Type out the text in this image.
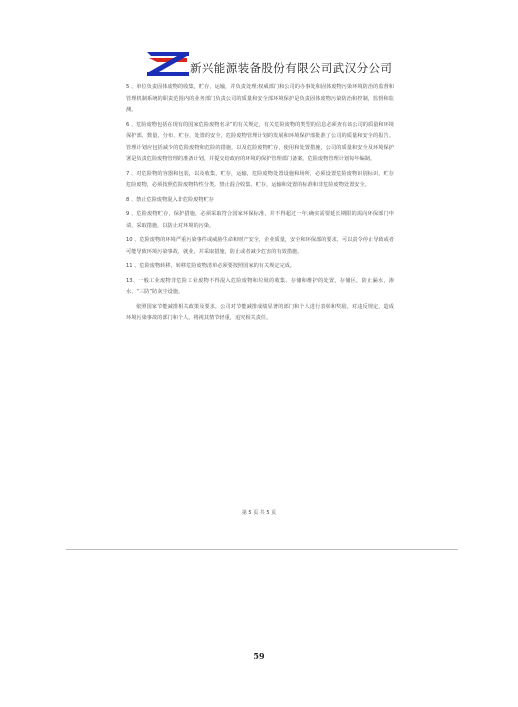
新兴能源装备股份有限公司武汉分公司

5 、单位负责固体废物的收集，贮存，运输，并负责处理;权威部门和公司的办事处和固体废物污染环境防治的监督和管理机制系统的职责范围内的业务部门负责公司的质量和安全部环境保护是负责固体废物污染防治和控制，监督和监测。

6 、危险废物包括在现有的国家危险废物名录”的有关规定，有关危险废物的类型的信息必须查有该公司的质量和环境保护部，数量，分布，贮存，处置的安全，危险废物管理计划的发展和环境保护部批准了公司的质量和安全的报告。管理计划应包括减少的危险废物和危险的措施，以及危险废物贮存，使用和处置措施，公司的质量和安全及环境保护署是负责危险废物管理的准备计划，并提交给政府的环境的保护管理部门备案。危险废物管理计划每年编制。

7 、对危险物的容器和包装，以及收集，贮存，运输，危险废物处置设施和场所，必须设置危险废物识别标识，贮存危险废物，必须按照危险废物特性分类。禁止混合收集，贮存，运输和处置的标准和非危险废物处置安全。

8 、禁止危险废物混入非危险废物贮存

9 、危险废物贮存，保护措施，必须采取符合国家环保标准，并不得超过一年;确实需要延长期限的需向环保部门申请，采取措施，以防止对环境的污染。

10 、危险废物的环境严重污染事件或威胁生命和财产安全，企业质量，安全和环保部的要求，可以责令停止导致或者可能导致环境污染事故，就业，并采取措施，防止或者减少危害的有效措施。

11 、危险废物转移，转移危险废物清单必须要按照国家的有关规定完成。

13、一般工业废物非危险工业废物不得混入危险废物和垃圾的收集、存储和维护的处置，存储区，防止漏水，渗水，“三防”防灰尘设施。

依照国家节能减排相关政策及要求，公司对节能减排成绩显著的部门和个人进行表彰和奖励。对违反规定，造成环境污染事故的部门和个人，将视其情节轻重，追究相关责任。

第 5 页 共 5 页
59
